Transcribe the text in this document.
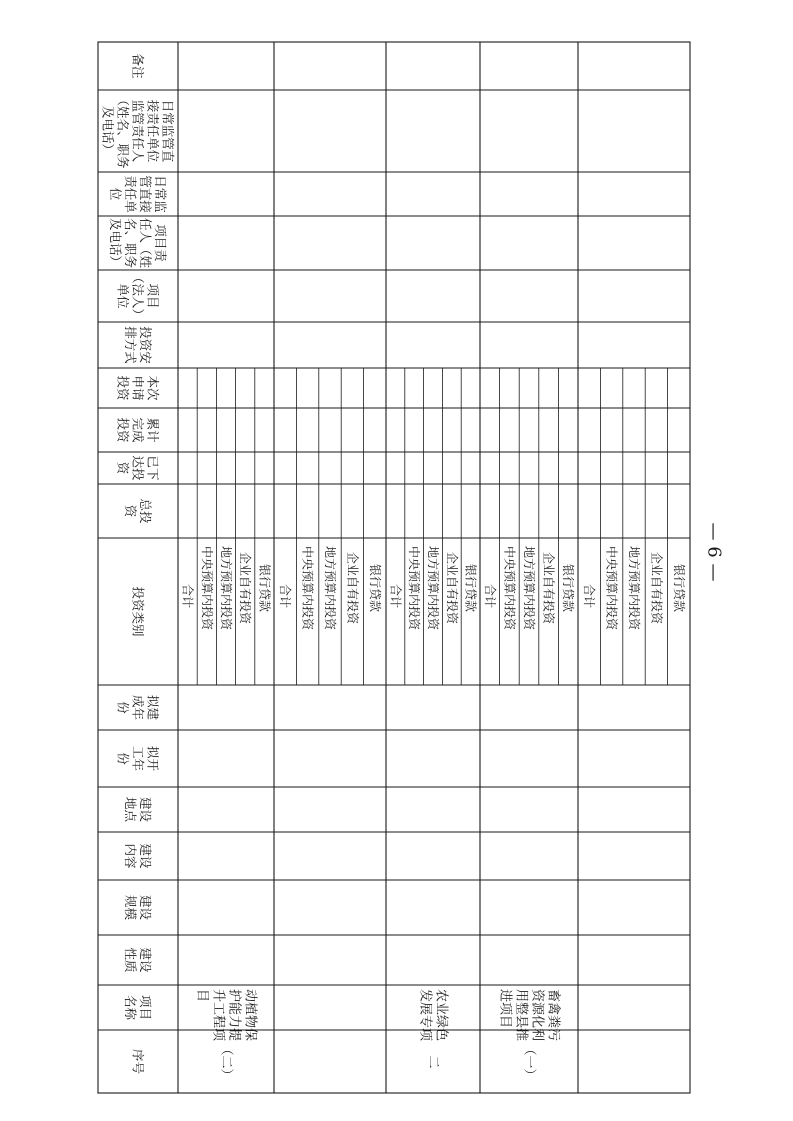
备注
日常监管直
接责任单位
监管责任人
（姓名、职务
及电话）
日常监
管直接
责任单
位
项目责
任人（姓
名、职务
及电话）
项目
（法人）
单位
投资安
排方式
本次
申请
投资
累计
完成
投资
已下
达投
资
总投
资
投资类别
拟建
成年
份
拟开
工年
份
建设
地点
建设
内容
建设
规模
建设
性质
项目
名称
序号
合计 中央预算内投资 地方预算内投资 企业自有投资 银行贷款
（二）
动植物保
护能力提
升工程项
目
合计 中央预算内投资 地方预算内投资 企业自有投资 银行贷款 合计 中央预算内投资 地方预算内投资 企业自有投资 银行贷款
二
农业绿色
发展专项
合计 中央预算内投资 地方预算内投资 企业自有投资 银行贷款
（一）
畜禽粪污
资源化利
用整县推
进项目
合计 中央预算内投资 地方预算内投资 企业自有投资 银行贷款
— 6 —
